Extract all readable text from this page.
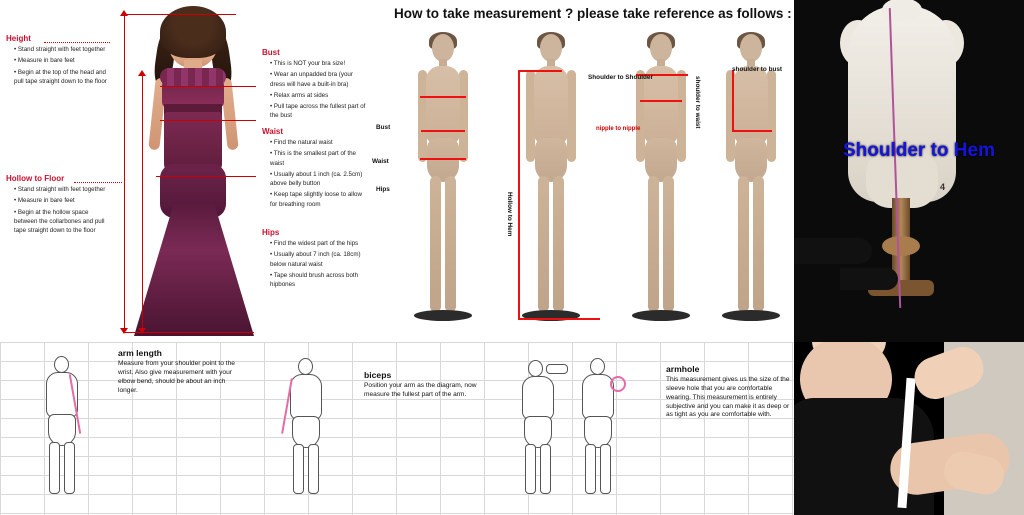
Height
• Stand straight with feet together
• Measure in bare feet
• Begin at the top of the head and pull tape straight down to the floor
Hollow to Floor
• Stand straight with feet together
• Measure in bare feet
• Begin at the hollow space between the collarbones and pull tape straight down to the floor
Bust
• This is NOT your bra size!
• Wear an unpadded bra (your dress will have a built-in bra)
• Relax arms at sides
• Pull tape across the fullest part of the bust
Waist
• Find the natural waist
• This is the smallest part of the waist
• Usually about 1 inch (ca. 2.5cm) above belly button
• Keep tape slightly loose to allow for breathing room
Hips
• Find the widest part of the hips
• Usually about 7 inch (ca. 18cm) below natural waist
• Tape should brush across both hipbones
How to take measurement ? please take reference as follows :
Bust
Waist
Hips
Hollow to Hem
Shoulder to Shoulder
nipple to nipple
shoulder to bust
shoulder to waist
4
Shoulder to Hem
arm length
Measure from your shoulder point to the wrist. Also give measurement with your elbow bend, should be about an inch longer.
biceps
Position your arm as the diagram, now measure the fullest part of the arm.
armhole
This measurement gives us the size of the sleeve hole that you are comfortable wearing. This measurement is entirely subjective and you can make it as deep or as tight as you are comfortable with.
